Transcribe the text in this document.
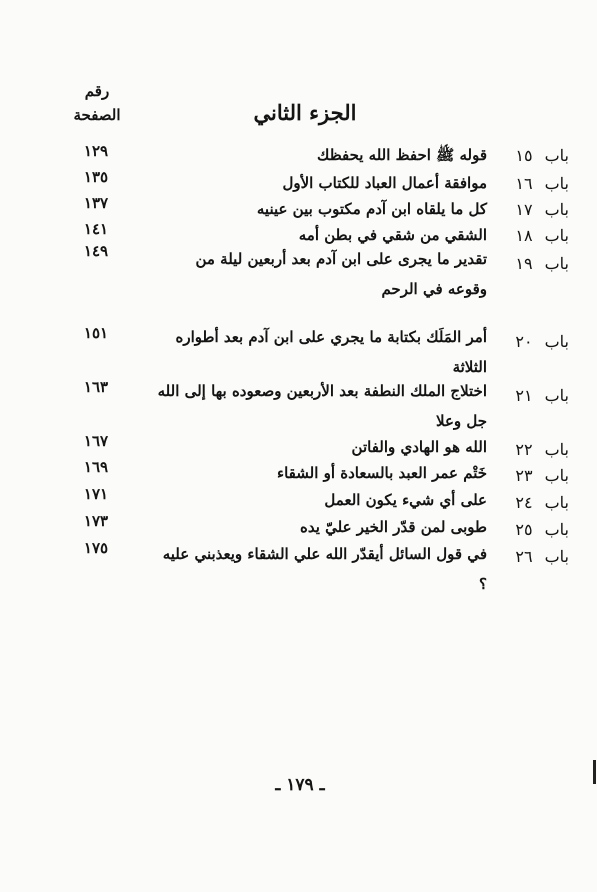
رقم
الصفحة	الجزء الثاني
باب١٥
قوله ﷺ احفظ الله يحفظك
١٢٩
باب١٦
موافقة أعمال العباد للكتاب الأول
١٣٥
باب١٧
كل ما يلقاه ابن آدم مكتوب بين عينيه
١٣٧
باب١٨
الشقي من شقي في بطن أمه
١٤١
باب١٩
تقدير ما يجرى على ابن آدم بعد أربعين ليلة من وقوعه في الرحم
١٤٩
باب٢٠
أمر المَلَك بكتابة ما يجري على ابن آدم بعد أطواره الثلاثة
١٥١
باب٢١
اختلاج الملك النطفة بعد الأربعين وصعوده بها إلى الله جل وعلا
١٦٣
باب٢٢
الله هو الهادي والفاتن
١٦٧
باب٢٣
خَتْم عمر العبد بالسعادة أو الشقاء
١٦٩
باب٢٤
على أي شيء يكون العمل
١٧١
باب٢٥
طوبى لمن قدّر الخير عليّ يده
١٧٣
باب٢٦
في قول السائل أيقدّر الله علي الشقاء ويعذبني عليه ؟
١٧٥
ـ ١٧٩ ـ
